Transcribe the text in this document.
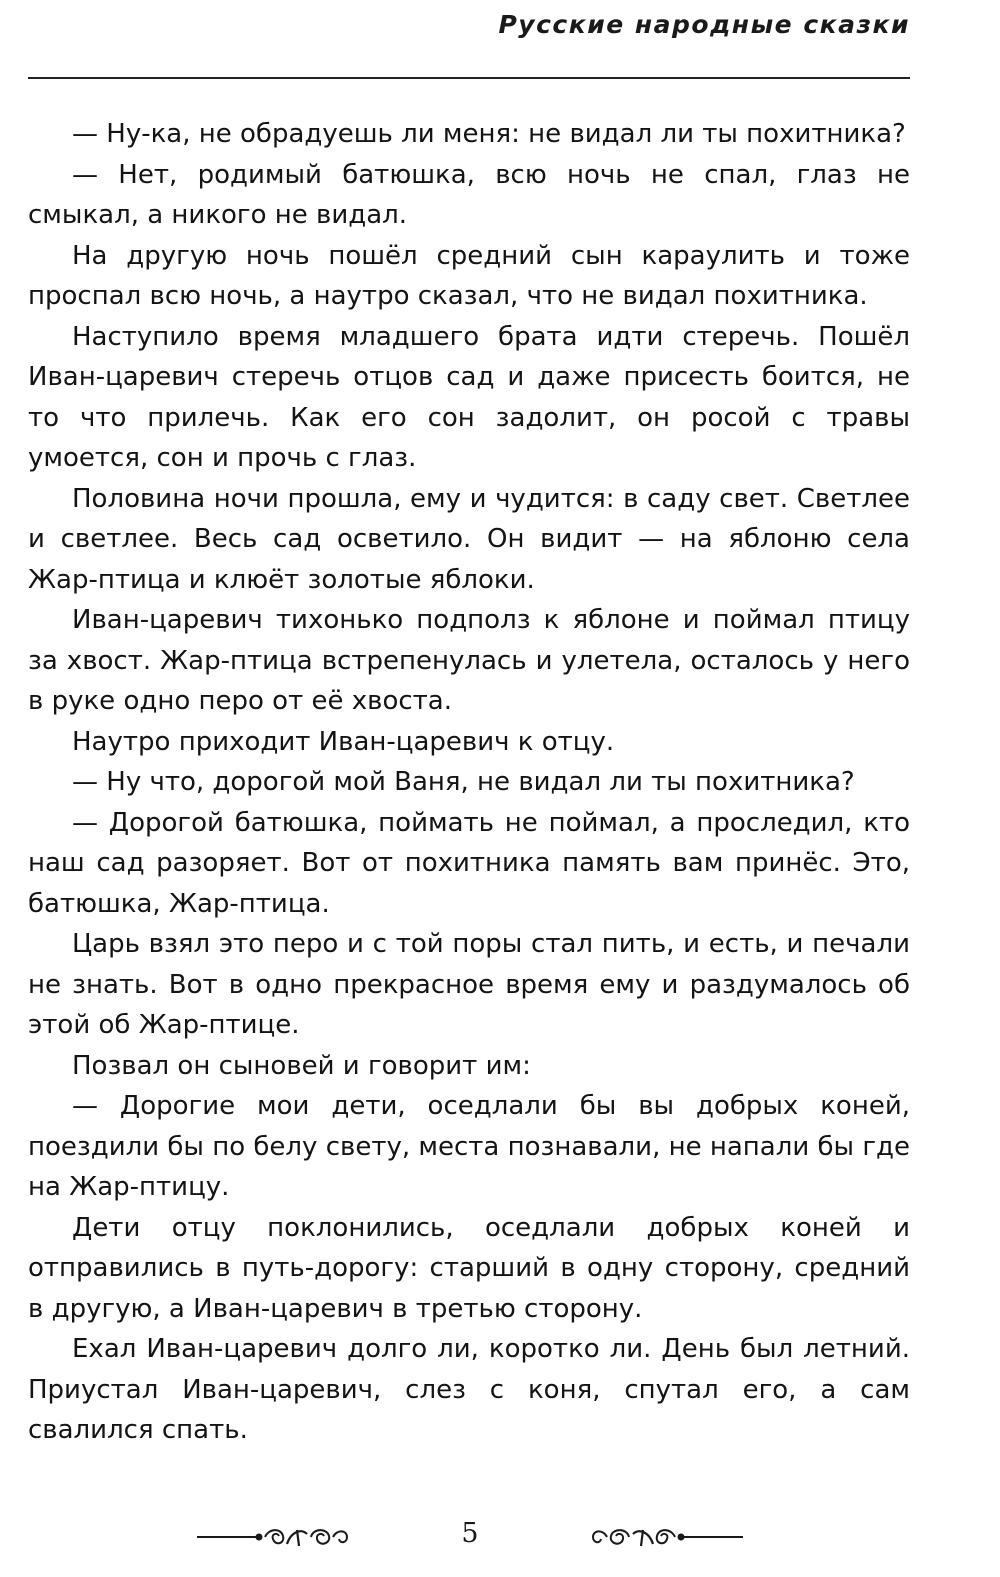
Русские народные сказки

— Ну-ка, не обрадуешь ли меня: не видал ли ты похитника?

— Нет, родимый батюшка, всю ночь не спал, глаз не смыкал, а никого не видал.

На другую ночь пошёл средний сын караулить и тоже проспал всю ночь, а наутро сказал, что не видал похитника.

Наступило время младшего брата идти стеречь. Пошёл Иван-царевич стеречь отцов сад и даже присесть боится, не то что прилечь. Как его сон задолит, он росой с травы умоется, сон и прочь с глаз.

Половина ночи прошла, ему и чудится: в саду свет. Светлее и светлее. Весь сад осветило. Он видит — на яблоню села Жар-птица и клюёт золотые яблоки.

Иван-царевич тихонько подполз к яблоне и поймал птицу за хвост. Жар-птица встрепенулась и улетела, осталось у него в руке одно перо от её хвоста.

Наутро приходит Иван-царевич к отцу.

— Ну что, дорогой мой Ваня, не видал ли ты похитника?

— Дорогой батюшка, поймать не поймал, а проследил, кто наш сад разоряет. Вот от похитника память вам принёс. Это, батюшка, Жар-птица.

Царь взял это перо и с той поры стал пить, и есть, и печали не знать. Вот в одно прекрасное время ему и раздумалось об этой об Жар-птице.

Позвал он сыновей и говорит им:

— Дорогие мои дети, оседлали бы вы добрых коней, поездили бы по белу свету, места познавали, не напали бы где на Жар-птицу.

Дети отцу поклонились, оседлали добрых коней и отправились в путь-дорогу: старший в одну сторону, средний в другую, а Иван-царевич в третью сторону.

Ехал Иван-царевич долго ли, коротко ли. День был летний. Приустал Иван-царевич, слез с коня, спутал его, а сам свалился спать.

5
